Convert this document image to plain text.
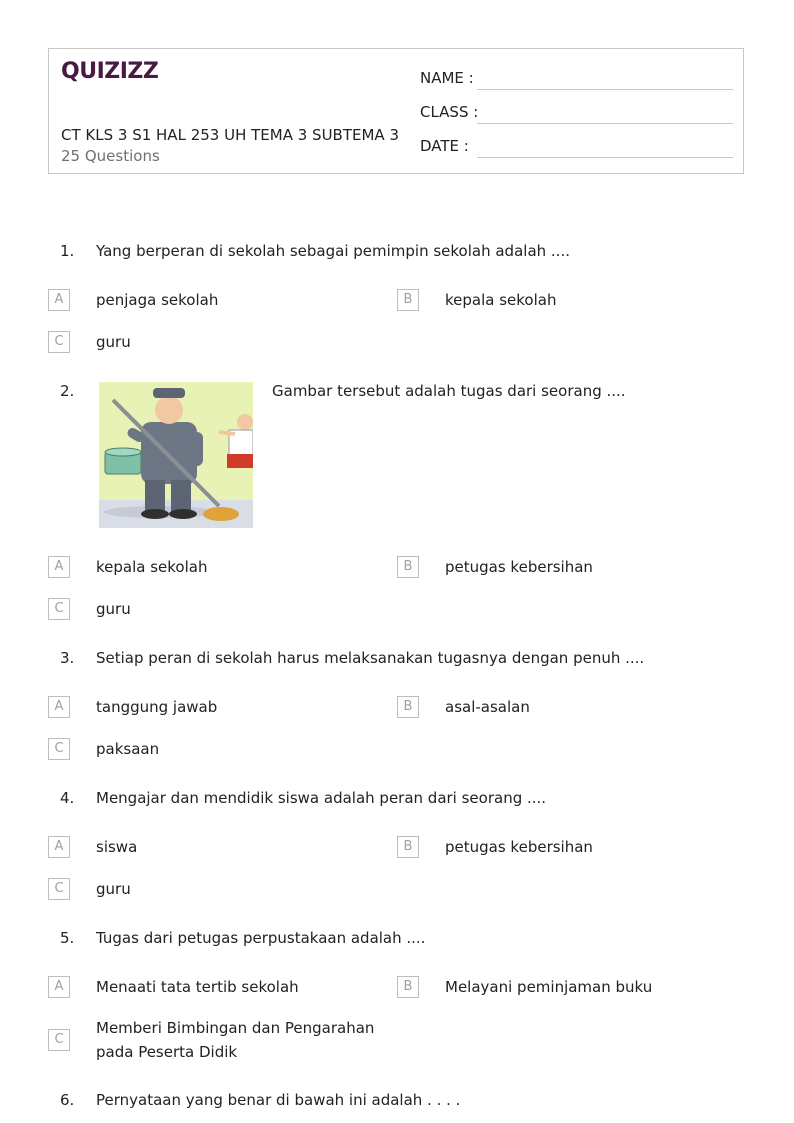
QUIZIZZ
CT KLS 3 S1 HAL 253 UH TEMA 3 SUBTEMA 3
25 Questions
NAME :
CLASS :
DATE :
1. Yang berperan di sekolah sebagai pemimpin sekolah adalah ....
A	penjaga sekolah	B	kepala sekolah
C	guru
2.	Gambar tersebut adalah tugas dari seorang ....
A	kepala sekolah	B	petugas kebersihan
C	guru
3. Setiap peran di sekolah harus melaksanakan tugasnya dengan penuh ....
A	tanggung jawab	B	asal-asalan
C	paksaan
4. Mengajar dan mendidik siswa adalah peran dari seorang ....
A	siswa	B	petugas kebersihan
C	guru
5. Tugas dari petugas perpustakaan adalah ....
A	Menaati tata tertib sekolah	B	Melayani peminjaman buku
C
Memberi Bimbingan dan Pengarahan
pada Peserta Didik
6. Pernyataan yang benar di bawah ini adalah . . . .
